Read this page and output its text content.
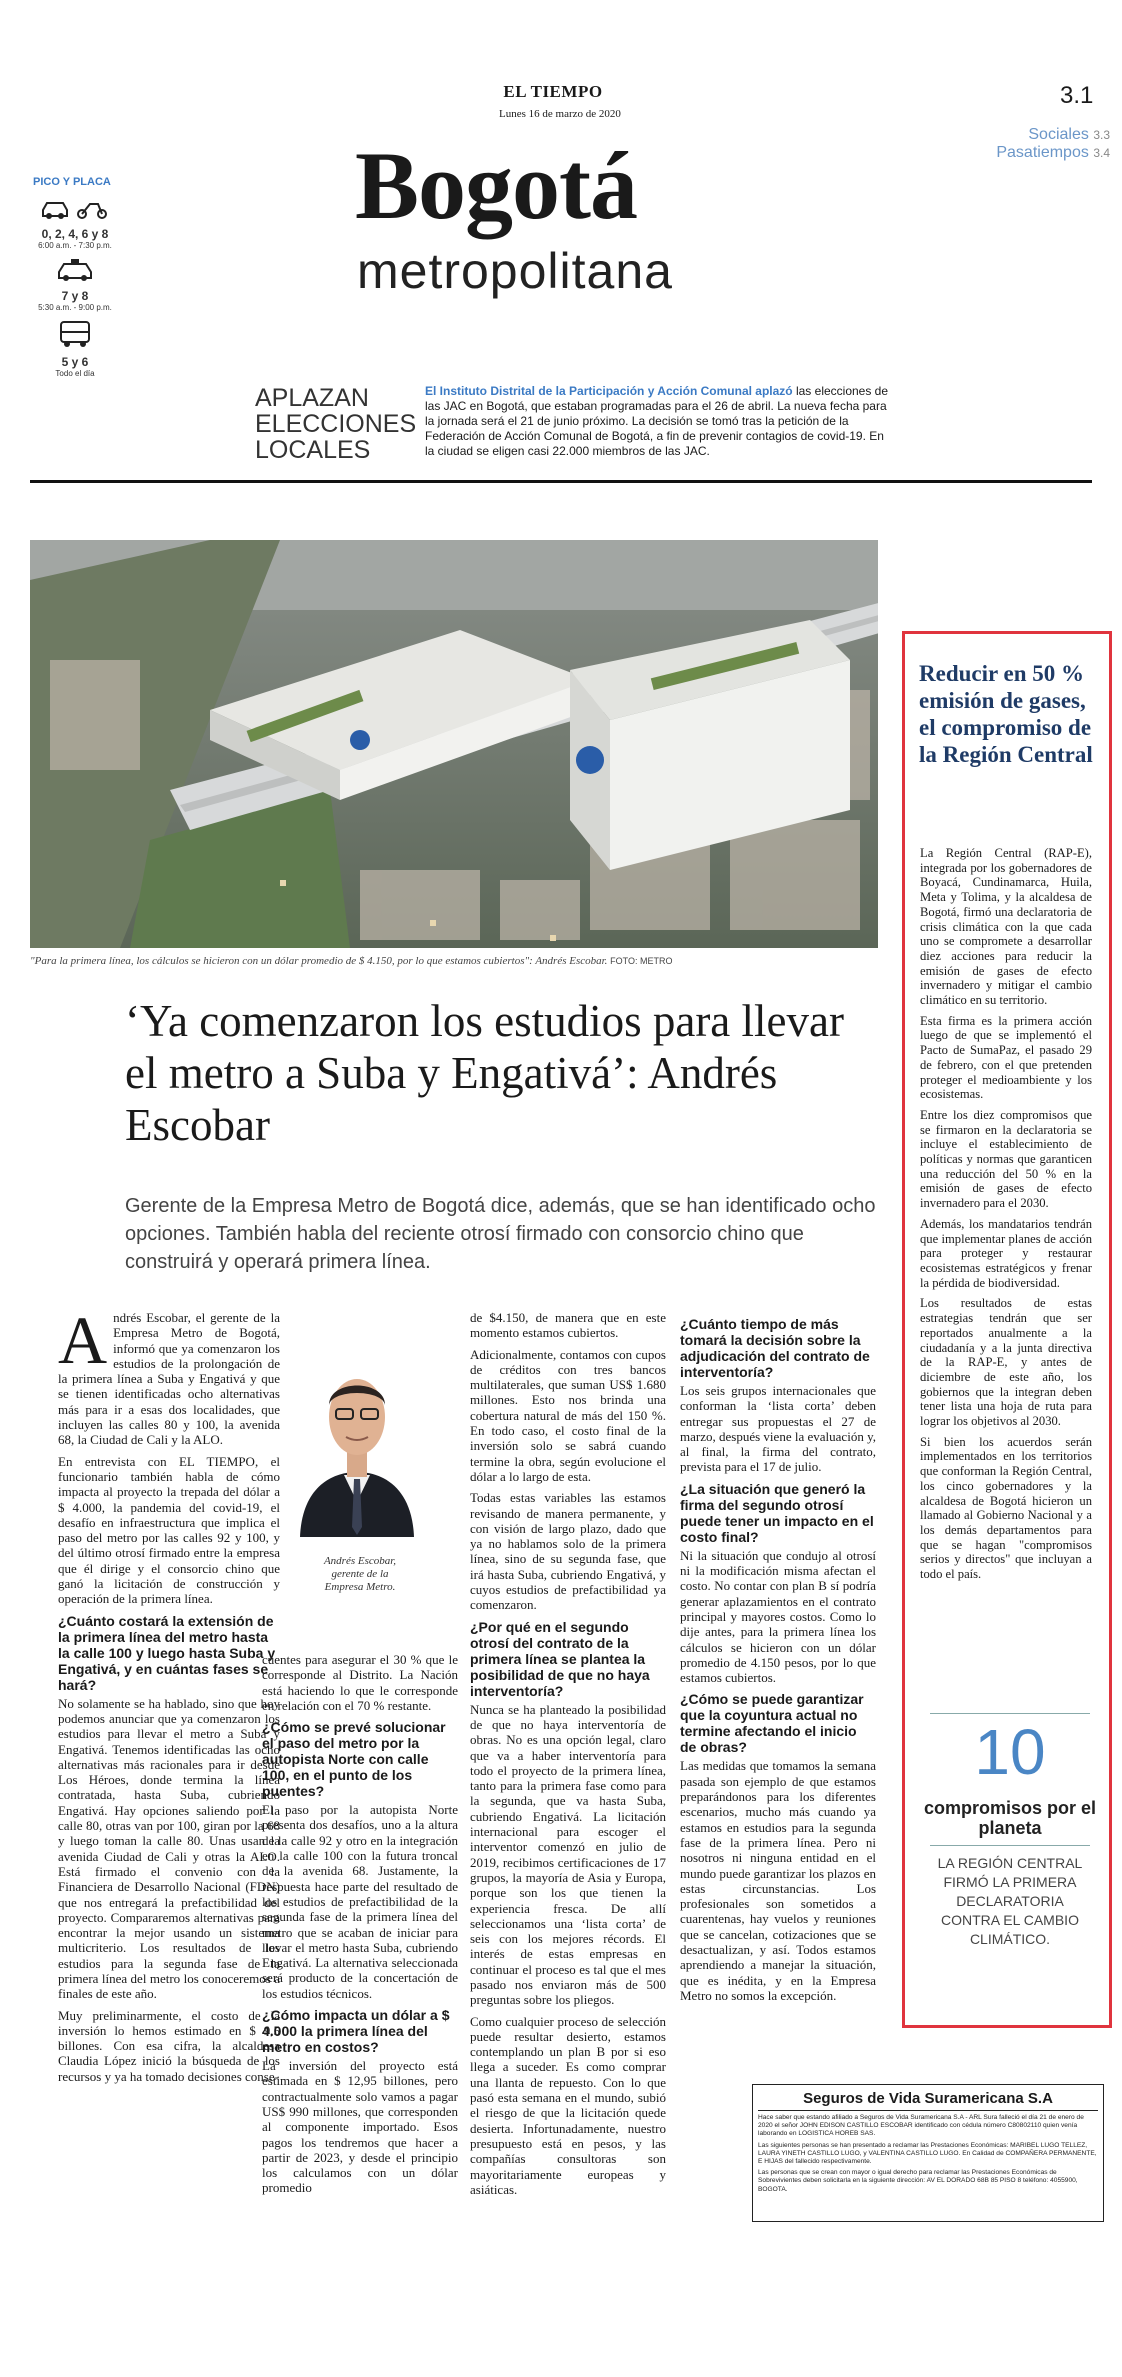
EL TIEMPO
Lunes 16 de marzo de 2020
3.1
Sociales 3.3
Pasatiempos 3.4
Bogotá
metropolitana
PICO Y PLACA
0, 2, 4, 6 y 8
6:00 a.m. - 7:30 p.m.
7 y 8
5:30 a.m. - 9:00 p.m.
5 y 6
Todo el día
APLAZAN
ELECCIONES
LOCALES
El Instituto Distrital de la Participación y Acción Comunal aplazó las elecciones de las JAC en Bogotá, que estaban programadas para el 26 de abril. La nueva fecha para la jornada será el 21 de junio próximo. La decisión se tomó tras la petición de la Federación de Acción Comunal de Bogotá, a fin de prevenir contagios de covid-19. En la ciudad se eligen casi 22.000 miembros de las JAC.
"Para la primera línea, los cálculos se hicieron con un dólar promedio de $ 4.150, por lo que estamos cubiertos": Andrés Escobar. FOTO: METRO
‘Ya comenzaron los estudios para llevar el metro a Suba y Engativá’: Andrés Escobar
Gerente de la Empresa Metro de Bogotá dice, además, que se han identificado ocho opciones. También habla del reciente otrosí firmado con consorcio chino que construirá y operará primera línea.

Andrés Escobar, el gerente de la Empresa Metro de Bogotá, informó que ya comenzaron los estudios de la prolongación de la primera línea a Suba y Engativá y que se tienen identificadas ocho alternativas más para ir a esas dos localidades, que incluyen las calles 80 y 100, la avenida 68, la Ciudad de Cali y la ALO.

En entrevista con EL TIEMPO, el funcionario también habla de cómo impacta al proyecto la trepada del dólar a $ 4.000, la pandemia del covid-19, el desafío en infraestructura que implica el paso del metro por las calles 92 y 100, y del último otrosí firmado entre la empresa que él dirige y el consorcio chino que ganó la licitación de construcción y operación de la primera línea.

¿Cuánto costará la extensión de la primera línea del metro hasta la calle 100 y luego hasta Suba y Engativá, y en cuántas fases se hará?

No solamente se ha hablado, sino que hoy podemos anunciar que ya comenzaron los estudios para llevar el metro a Suba y Engativá. Tenemos identificadas las ocho alternativas más racionales para ir desde Los Héroes, donde termina la línea contratada, hasta Suba, cubriendo Engativá. Hay opciones saliendo por la calle 80, otras van por 100, giran por la 68 y luego toman la calle 80. Unas usan la avenida Ciudad de Cali y otras la ALO. Está firmado el convenio con la Financiera de Desarrollo Nacional (FDN) que nos entregará la prefactibilidad del proyecto. Compararemos alternativas para encontrar la mejor usando un sistema multicriterio. Los resultados de los estudios para la segunda fase de la primera línea del metro los conoceremos a finales de este año.

Muy preliminarmente, el costo de la inversión lo hemos estimado en $ 9,5 billones. Con esa cifra, la alcaldesa Claudia López inició la búsqueda de los recursos y ya ha tomado decisiones conse-

Andrés Escobar,
gerente de la
Empresa Metro.

cuentes para asegurar el 30 % que le corresponde al Distrito. La Nación está haciendo lo que le corresponde en relación con el 70 % restante.

¿Cómo se prevé solucionar el paso del metro por la autopista Norte con calle 100, en el punto de los puentes?

El paso por la autopista Norte presenta dos desafíos, uno a la altura de la calle 92 y otro en la integración en la calle 100 con la futura troncal de la avenida 68. Justamente, la respuesta hace parte del resultado de los estudios de prefactibilidad de la segunda fase de la primera línea del metro que se acaban de iniciar para llevar el metro hasta Suba, cubriendo Engativá. La alternativa seleccionada será producto de la concertación de los estudios técnicos.

¿Cómo impacta un dólar a $ 4.000 la primera línea del metro en costos?

La inversión del proyecto está estimada en $ 12,95 billones, pero contractualmente solo vamos a pagar US$ 990 millones, que corresponden al componente importado. Esos pagos los tendremos que hacer a partir de 2023, y desde el principio los calculamos con un dólar promedio

de $4.150, de manera que en este momento estamos cubiertos.

Adicionalmente, contamos con cupos de créditos con tres bancos multilaterales, que suman US$ 1.680 millones. Esto nos brinda una cobertura natural de más del 150 %. En todo caso, el costo final de la inversión solo se sabrá cuando termine la obra, según evolucione el dólar a lo largo de esta.

Todas estas variables las estamos revisando de manera permanente, y con visión de largo plazo, dado que ya no hablamos solo de la primera línea, sino de su segunda fase, que irá hasta Suba, cubriendo Engativá, y cuyos estudios de prefactibilidad ya comenzaron.

¿Por qué en el segundo otrosí del contrato de la primera línea se plantea la posibilidad de que no haya interventoría?

Nunca se ha planteado la posibilidad de que no haya interventoría de obras. No es una opción legal, claro que va a haber interventoría para todo el proyecto de la primera línea, tanto para la primera fase como para la segunda, que va hasta Suba, cubriendo Engativá. La licitación internacional para escoger el interventor comenzó en julio de 2019, recibimos certificaciones de 17 grupos, la mayoría de Asia y Europa, porque son los que tienen la experiencia fresca. De allí seleccionamos una ‘lista corta’ de seis con los mejores récords. El interés de estas empresas en continuar el proceso es tal que el mes pasado nos enviaron más de 500 preguntas sobre los pliegos.

Como cualquier proceso de selección puede resultar desierto, estamos contemplando un plan B por si eso llega a suceder. Es como comprar una llanta de repuesto. Con lo que pasó esta semana en el mundo, subió el riesgo de que la licitación quede desierta. Infortunadamente, nuestro presupuesto está en pesos, y las compañías consultoras son mayoritariamente europeas y asiáticas.

¿Cuánto tiempo de más tomará la decisión sobre la adjudicación del contrato de interventoría?

Los seis grupos internacionales que conforman la ‘lista corta’ deben entregar sus propuestas el 27 de marzo, después viene la evaluación y, al final, la firma del contrato, prevista para el 17 de julio.

¿La situación que generó la firma del segundo otrosí puede tener un impacto en el costo final?

Ni la situación que condujo al otrosí ni la modificación misma afectan el costo. No contar con plan B sí podría generar aplazamientos en el contrato principal y mayores costos. Como lo dije antes, para la primera línea los cálculos se hicieron con un dólar promedio de 4.150 pesos, por lo que estamos cubiertos.

¿Cómo se puede garantizar que la coyuntura actual no termine afectando el inicio de obras?

Las medidas que tomamos la semana pasada son ejemplo de que estamos preparándonos para los diferentes escenarios, mucho más cuando ya estamos en estudios para la segunda fase de la primera línea. Pero ni nosotros ni ninguna entidad en el mundo puede garantizar los plazos en estas circunstancias. Los profesionales son sometidos a cuarentenas, hay vuelos y reuniones que se cancelan, cotizaciones que se desactualizan, y así. Todos estamos aprendiendo a manejar la situación, que es inédita, y en la Empresa Metro no somos la excepción.

Reducir en 50 % emisión de gases, el compromiso de la Región Central

La Región Central (RAP-E), integrada por los gobernadores de Boyacá, Cundinamarca, Huila, Meta y Tolima, y la alcaldesa de Bogotá, firmó una declaratoria de crisis climática con la que cada uno se compromete a desarrollar diez acciones para reducir la emisión de gases de efecto invernadero y mitigar el cambio climático en su territorio.

Esta firma es la primera acción luego de que se implementó el Pacto de SumaPaz, el pasado 29 de febrero, con el que pretenden proteger el medioambiente y los ecosistemas.

Entre los diez compromisos que se firmaron en la declaratoria se incluye el establecimiento de políticas y normas que garanticen una reducción del 50 % en la emisión de gases de efecto invernadero para el 2030.

Además, los mandatarios tendrán que implementar planes de acción para proteger y restaurar ecosistemas estratégicos y frenar la pérdida de biodiversidad.

Los resultados de estas estrategias tendrán que ser reportados anualmente a la ciudadanía y a la junta directiva de la RAP-E, y antes de diciembre de este año, los gobiernos que la integran deben tener lista una hoja de ruta para lograr los objetivos al 2030.

Si bien los acuerdos serán implementados en los territorios que conforman la Región Central, los cinco gobernadores y la alcaldesa de Bogotá hicieron un llamado al Gobierno Nacional y a los demás departamentos para que se hagan "compromisos serios y directos" que incluyan a todo el país.

10
compromisos por el planeta
LA REGIÓN CENTRAL FIRMÓ LA PRIMERA DECLARATORIA CONTRA EL CAMBIO CLIMÁTICO.
Seguros de Vida Suramericana S.A

Hace saber que estando afiliado a Seguros de Vida Suramericana S.A - ARL Sura falleció el día 21 de enero de 2020 el señor JOHN EDISON CASTILLO ESCOBAR identificado con cédula número C80802110 quien venía laborando en LOGISTICA HOREB SAS.

Las siguientes personas se han presentado a reclamar las Prestaciones Económicas: MARIBEL LUGO TELLEZ, LAURA YINETH CASTILLO LUGO, y VALENTINA CASTILLO LUGO. En Calidad de COMPAÑERA PERMANENTE, E HIJAS del fallecido respectivamente.

Las personas que se crean con mayor o igual derecho para reclamar las Prestaciones Económicas de Sobrevivientes deben solicitarla en la siguiente dirección: AV EL DORADO 68B 85 PISO 8 teléfono: 4055900, BOGOTA.
